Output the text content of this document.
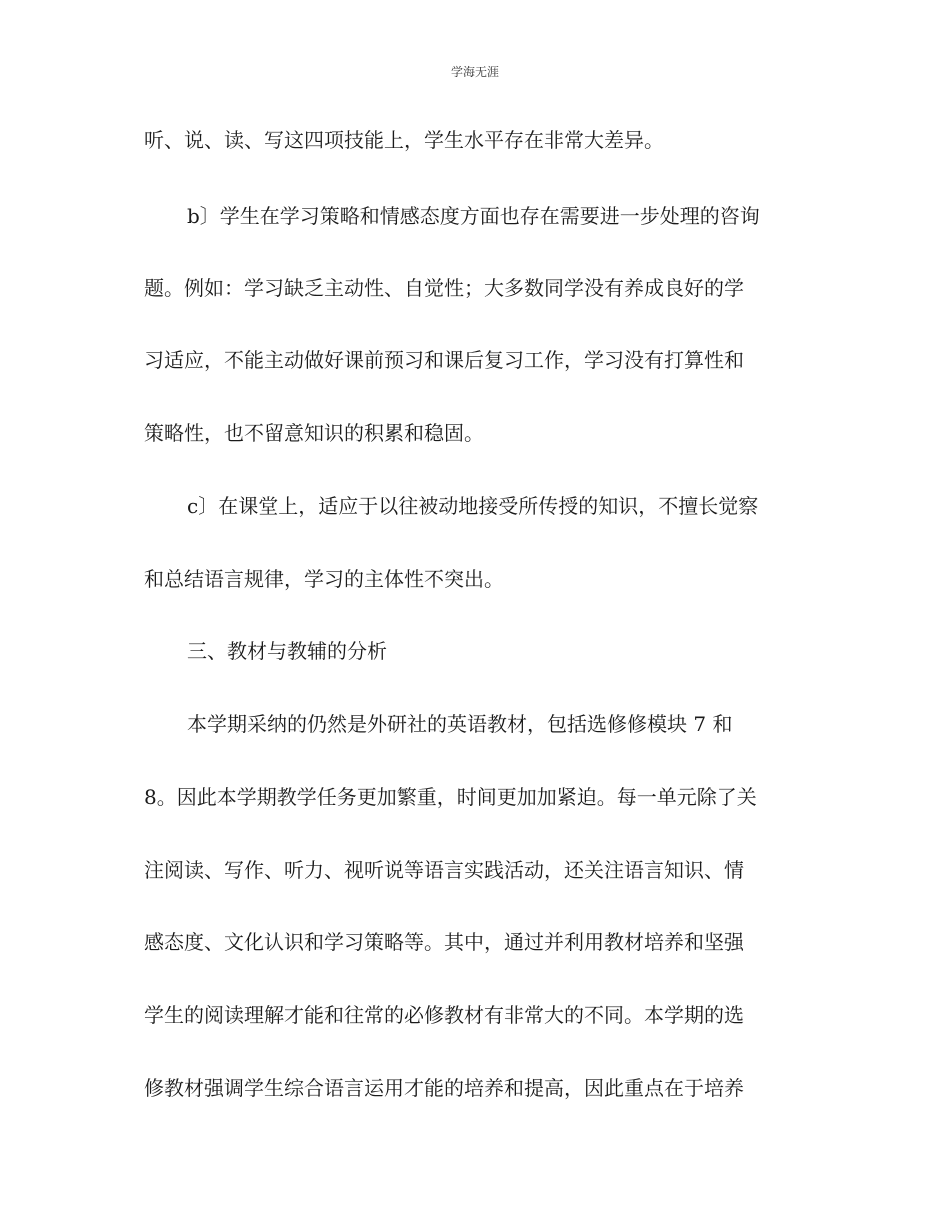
学海无涯
听、说、读、写这四项技能上，学生水平存在非常大差异。
b〕学生在学习策略和情感态度方面也存在需要进一步处理的咨询
题。例如：学习缺乏主动性、自觉性；大多数同学没有养成良好的学
习适应，不能主动做好课前预习和课后复习工作，学习没有打算性和
策略性，也不留意知识的积累和稳固。
c〕在课堂上，适应于以往被动地接受所传授的知识，不擅长觉察
和总结语言规律，学习的主体性不突出。
三、教材与教辅的分析
本学期采纳的仍然是外研社的英语教材，包括选修修模块 7 和
8。因此本学期教学任务更加繁重，时间更加加紧迫。每一单元除了关
注阅读、写作、听力、视听说等语言实践活动，还关注语言知识、情
感态度、文化认识和学习策略等。其中，通过并利用教材培养和坚强
学生的阅读理解才能和往常的必修教材有非常大的不同。本学期的选
修教材强调学生综合语言运用才能的培养和提高，因此重点在于培养
